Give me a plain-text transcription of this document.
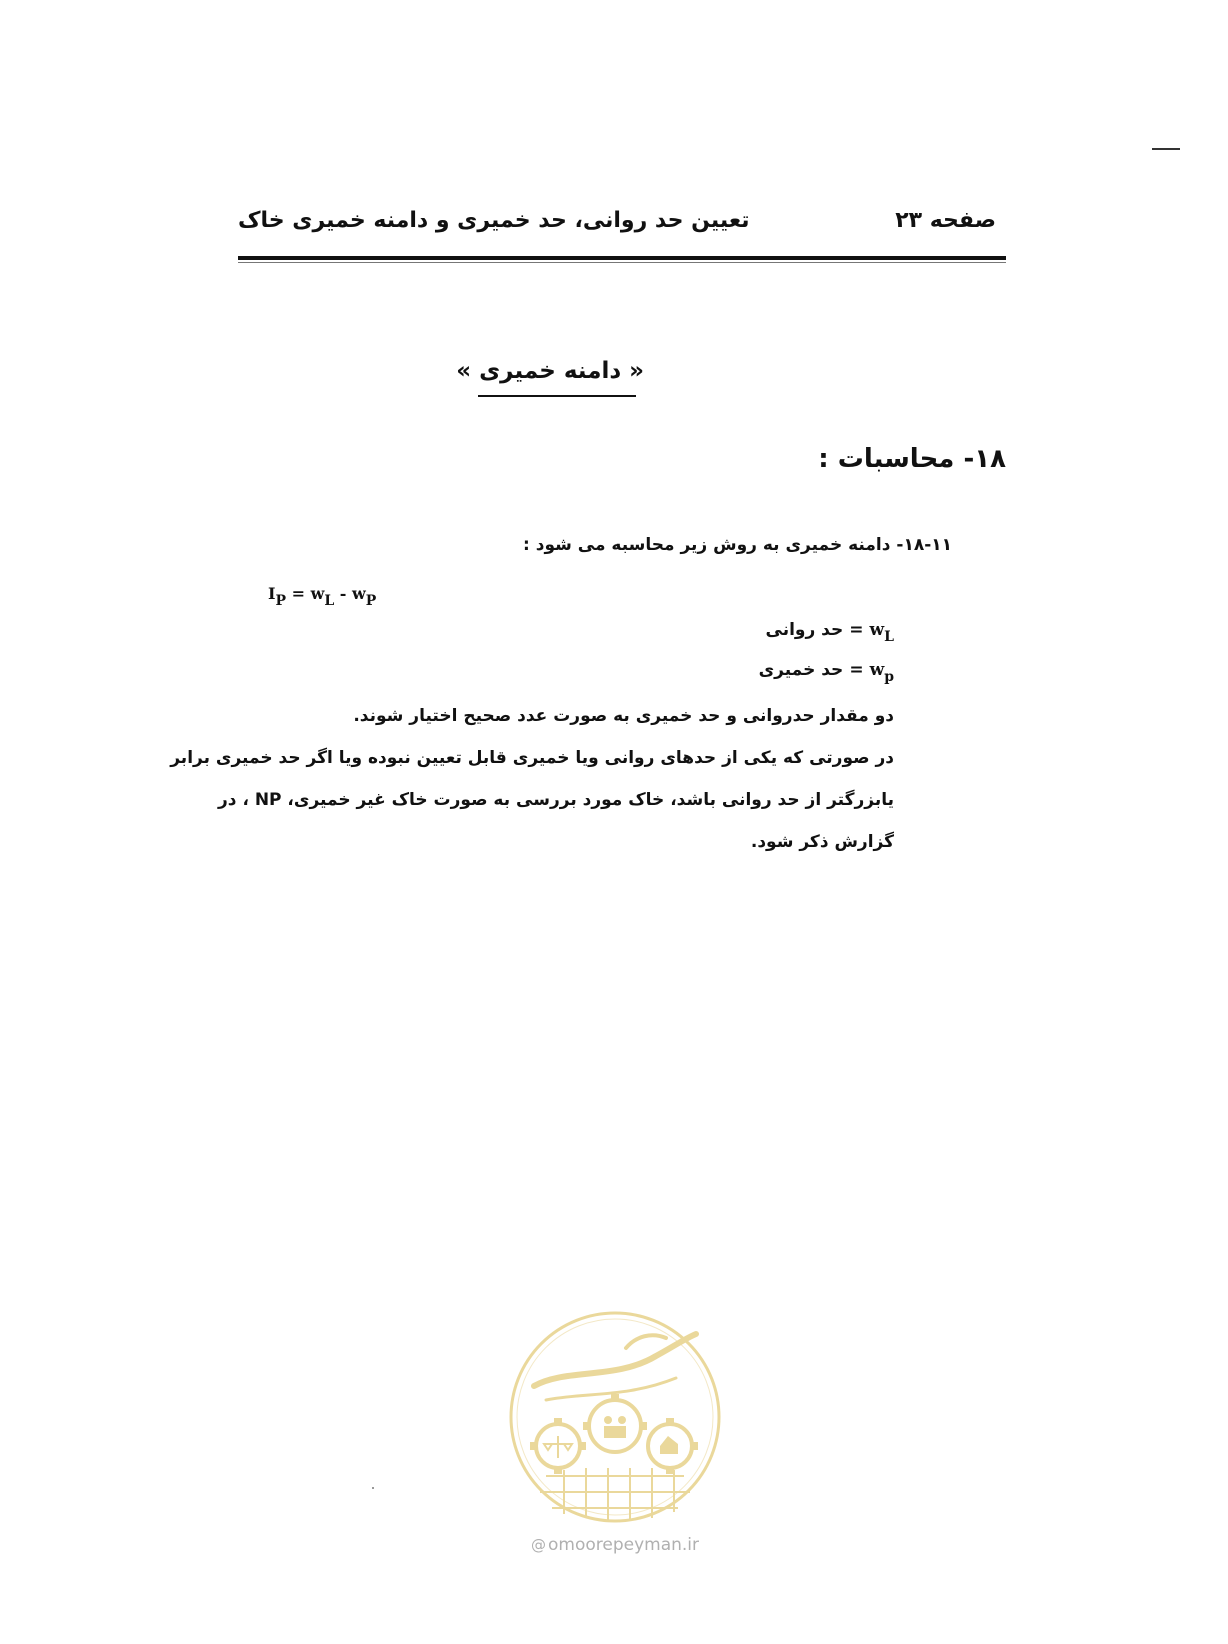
صفحه ۲۳
تعیین حد روانی، حد خمیری و دامنه خمیری خاک
« دامنه خمیری »
۱۸- محاسبات :
۱۸-۱۱- دامنه خمیری به روش زیر محاسبه می شود :
$I_P = w_L - w_P$
$w_L$
=
حد روانی
$w_p$
=
حد خمیری
دو مقدار حدروانی و حد خمیری به صورت عدد صحیح اختیار شوند.
در صورتی که یکی از حدهای روانی ویا خمیری قابل تعیین نبوده ویا اگر حد خمیری برابر
یابزرگتر از حد روانی باشد، خاک مورد بررسی به صورت خاک غیر خمیری، NP ، در
گزارش ذکر شود.
@ omoorepeyman.ir
